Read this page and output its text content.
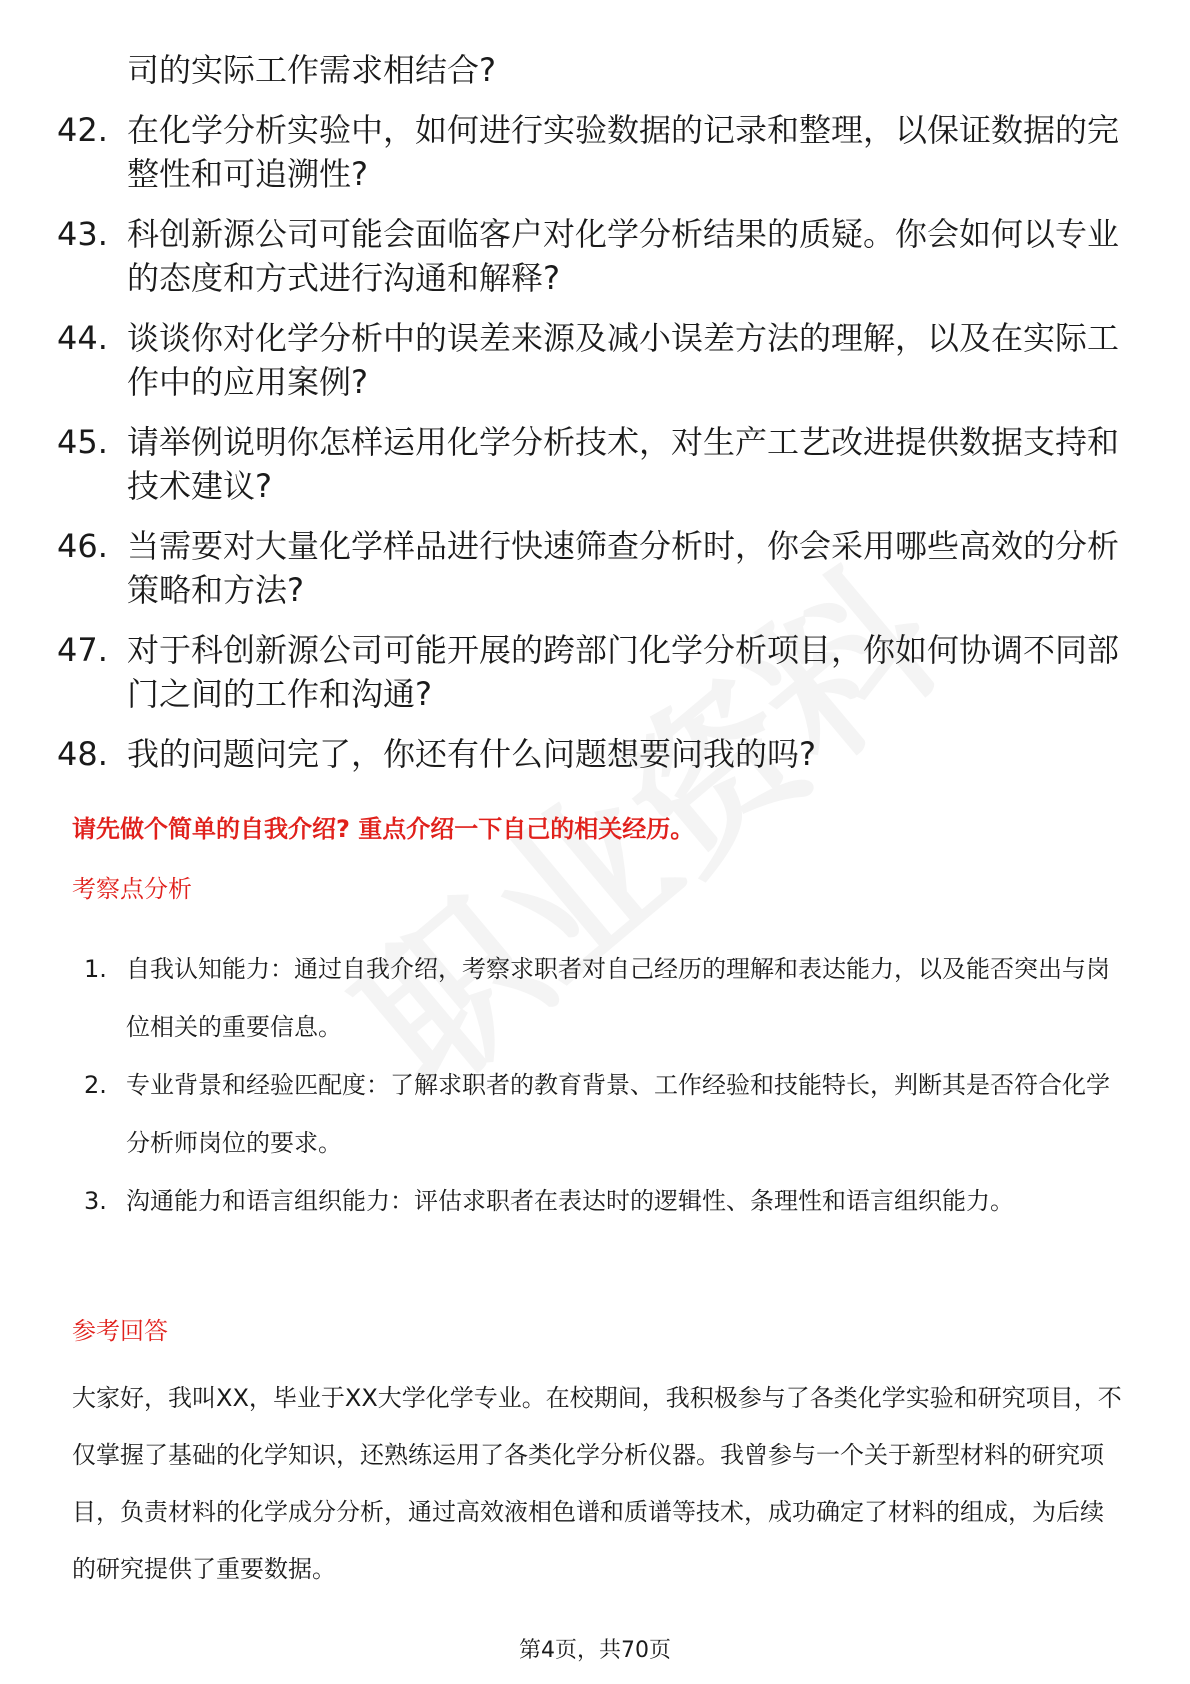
司的实际工作需求相结合?
42. 在化学分析实验中，如何进行实验数据的记录和整理，以保证数据的完整性和可追溯性?
43. 科创新源公司可能会面临客户对化学分析结果的质疑。你会如何以专业的态度和方式进行沟通和解释?
44. 谈谈你对化学分析中的误差来源及减小误差方法的理解，以及在实际工作中的应用案例?
45. 请举例说明你怎样运用化学分析技术，对生产工艺改进提供数据支持和技术建议?
46. 当需要对大量化学样品进行快速筛查分析时，你会采用哪些高效的分析策略和方法?
47. 对于科创新源公司可能开展的跨部门化学分析项目，你如何协调不同部门之间的工作和沟通?
48. 我的问题问完了，你还有什么问题想要问我的吗?
请先做个简单的自我介绍? 重点介绍一下自己的相关经历。
考察点分析
1. 自我认知能力：通过自我介绍，考察求职者对自己经历的理解和表达能力，以及能否突出与岗位相关的重要信息。
2. 专业背景和经验匹配度：了解求职者的教育背景、工作经验和技能特长，判断其是否符合化学分析师岗位的要求。
3. 沟通能力和语言组织能力：评估求职者在表达时的逻辑性、条理性和语言组织能力。
参考回答
大家好，我叫XX，毕业于XX大学化学专业。在校期间，我积极参与了各类化学实验和研究项目，不仅掌握了基础的化学知识，还熟练运用了各类化学分析仪器。我曾参与一个关于新型材料的研究项目，负责材料的化学成分分析，通过高效液相色谱和质谱等技术，成功确定了材料的组成，为后续的研究提供了重要数据。
第4页，共70页
